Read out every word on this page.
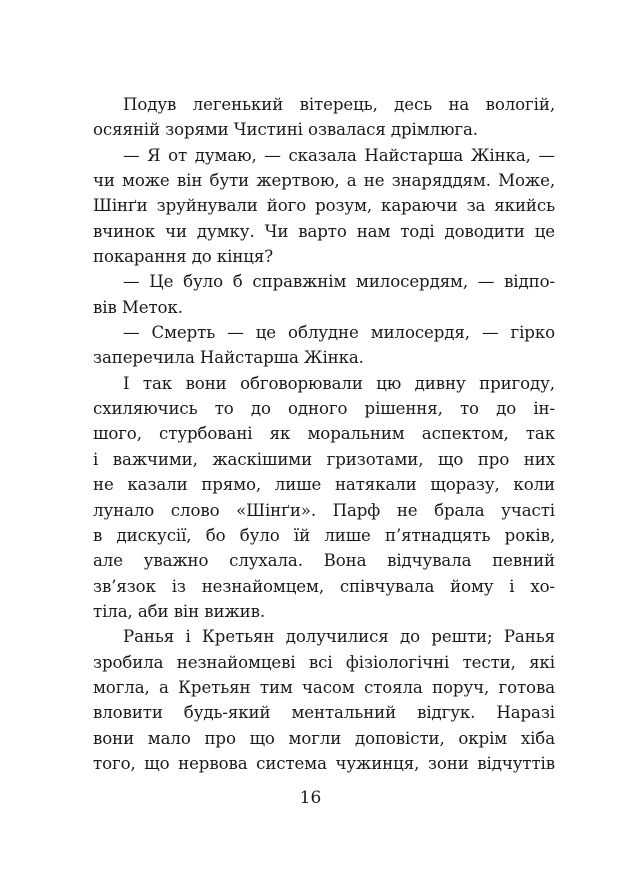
Подув легенький вітерець, десь на вологій,
осяяній зорями Чистині озвалася дрімлюга.
— Я от думаю, — сказала Найстарша Жінка, —
чи може він бути жертвою, а не знаряддям. Може,
Шінґи зруйнували його розум, караючи за якийсь
вчинок чи думку. Чи варто нам тоді доводити це
покарання до кінця?
— Це було б справжнім милосердям, — відпо-
вів Меток.
— Смерть — це облудне милосердя, — гірко
заперечила Найстарша Жінка.
І так вони обговорювали цю дивну пригоду,
схиляючись то до одного рішення, то до ін-
шого, стурбовані як моральним аспектом, так
і важчими, жаскішими гризотами, що про них
не казали прямо, лише натякали щоразу, коли
лунало слово «Шінґи». Парф не брала участі
в дискусії, бо було їй лише п’ятнадцять років,
але уважно слухала. Вона відчувала певний
зв’язок із незнайомцем, співчувала йому і хо-
тіла, аби він вижив.
Ранья і Кретьян долучилися до решти; Ранья
зробила незнайомцеві всі фізіологічні тести, які
могла, а Кретьян тим часом стояла поруч, готова
вловити будь-який ментальний відгук. Наразі
вони мало про що могли доповісти, окрім хіба
того, що нервова система чужинця, зони відчуттів
16
